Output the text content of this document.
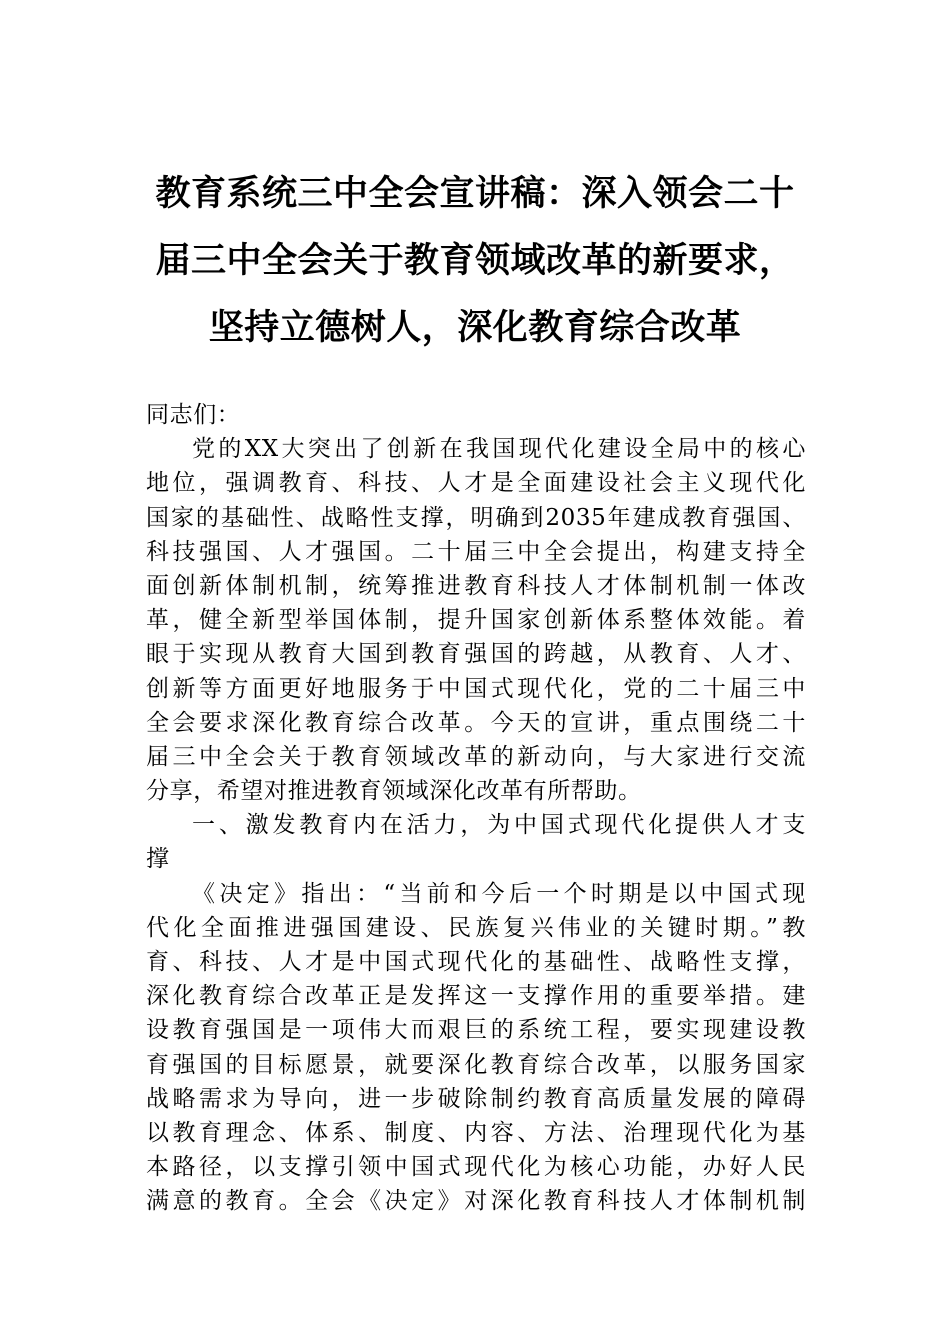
教育系统三中全会宣讲稿：深入领会二十
届三中全会关于教育领域改革的新要求，
坚持立德树人，深化教育综合改革
同志们：
党的XX大突出了创新在我国现代化建设全局中的核心
地位，强调教育、科技、人才是全面建设社会主义现代化
国家的基础性、战略性支撑，明确到2035年建成教育强国、
科技强国、人才强国。二十届三中全会提出，构建支持全
面创新体制机制，统筹推进教育科技人才体制机制一体改
革，健全新型举国体制，提升国家创新体系整体效能。着
眼于实现从教育大国到教育强国的跨越，从教育、人才、
创新等方面更好地服务于中国式现代化，党的二十届三中
全会要求深化教育综合改革。今天的宣讲，重点围绕二十
届三中全会关于教育领域改革的新动向，与大家进行交流
分享，希望对推进教育领域深化改革有所帮助。
一、激发教育内在活力，为中国式现代化提供人才支
撑
《决定》指出：“当前和今后一个时期是以中国式现
代化全面推进强国建设、民族复兴伟业的关键时期。”教
育、科技、人才是中国式现代化的基础性、战略性支撑，
深化教育综合改革正是发挥这一支撑作用的重要举措。建
设教育强国是一项伟大而艰巨的系统工程，要实现建设教
育强国的目标愿景，就要深化教育综合改革，以服务国家
战略需求为导向，进一步破除制约教育高质量发展的障碍
以教育理念、体系、制度、内容、方法、治理现代化为基
本路径，以支撑引领中国式现代化为核心功能，办好人民
满意的教育。全会《决定》对深化教育科技人才体制机制
